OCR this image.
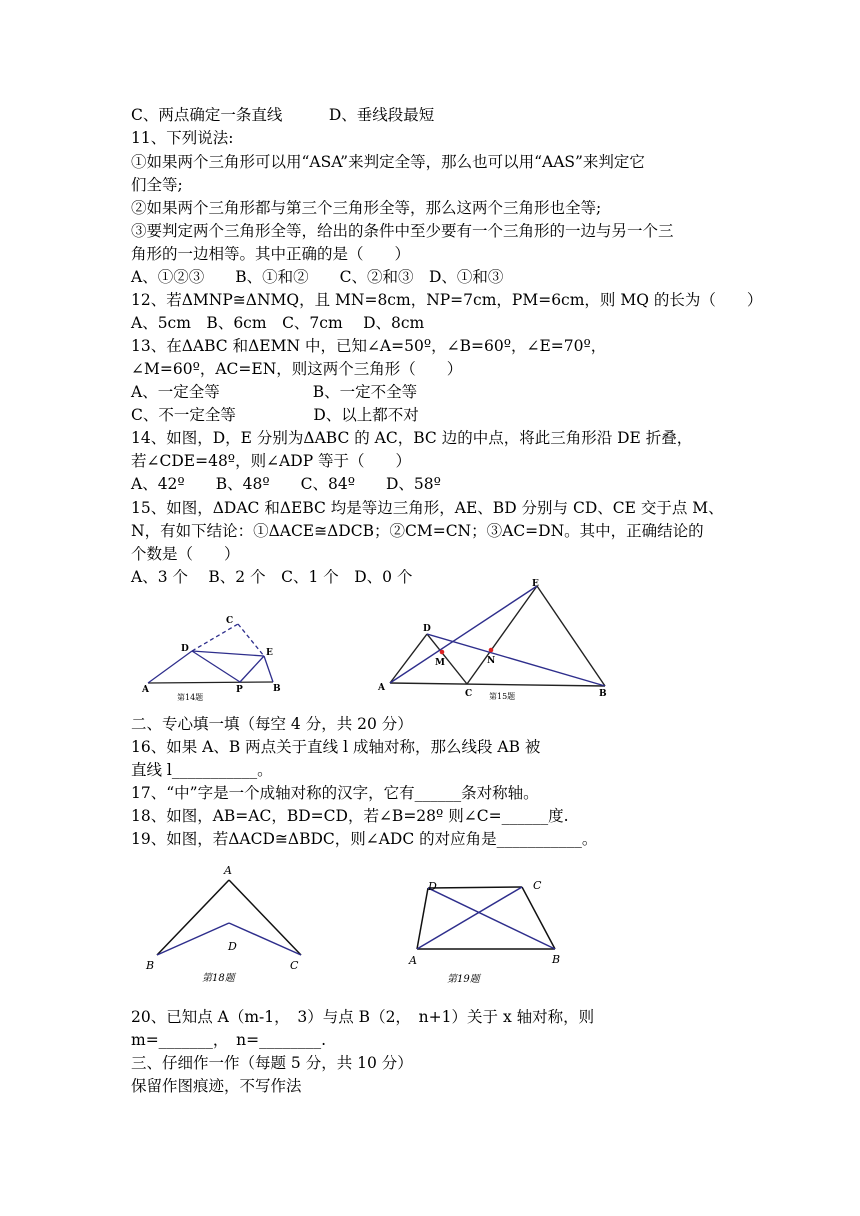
C、两点确定一条直线　　　D、垂线段最短
11、下列说法:
①如果两个三角形可以用“ASA”来判定全等，那么也可以用“AAS”来判定它
们全等;
②如果两个三角形都与第三个三角形全等，那么这两个三角形也全等;
③要判定两个三角形全等，给出的条件中至少要有一个三角形的一边与另一个三
角形的一边相等。其中正确的是（　　）
A、①②③　　B、①和②　　C、②和③　D、①和③
12、若ΔMNP≅ΔNMQ，且 MN=8cm，NP=7cm，PM=6cm，则 MQ 的长为（　　）
A、5cm　B、6cm　C、7cm　 D、8cm
13、在ΔABC 和ΔEMN 中，已知∠A=50º，∠B=60º，∠E=70º，
∠M=60º，AC=EN，则这两个三角形（　　）
A、一定全等　　　　　　B、一定不全等
C、不一定全等　　　　　D、以上都不对
14、如图，D，E 分别为ΔABC 的 AC，BC 边的中点，将此三角形沿 DE 折叠，
若∠CDE=48º，则∠ADP 等于（　　）
A、42º　　B、48º　　C、84º　　D、58º
15、如图，ΔDAC 和ΔEBC 均是等边三角形，AE、BD 分别与 CD、CE 交于点 M、
N，有如下结论：①ΔACE≅ΔDCB；②CM=CN；③AC=DN。其中，正确结论的
个数是（　　）
A、3 个　 B、2 个　C、1 个　D、0 个
A	B
C
D	E
P
第14题
A
B
C
D
E
M	N
第15题
二、专心填一填（每空 4 分，共 20 分）
16、如果 A、B 两点关于直线 l 成轴对称，那么线段 AB 被
直线 l___________。
17、“中”字是一个成轴对称的汉字，它有______条对称轴。
18、如图，AB=AC，BD=CD，若∠B=28º 则∠C=______度.
19、如图，若ΔACD≅ΔBDC，则∠ADC 的对应角是___________。
A
B	C
D
第18题
A	B
C
D
第19题
20、已知点 A（m-1，　3）与点 B（2，　n+1）关于 x 轴对称，则
m=_______，　n=________.
三、仔细作一作（每题 5 分，共 10 分）
保留作图痕迹，不写作法
